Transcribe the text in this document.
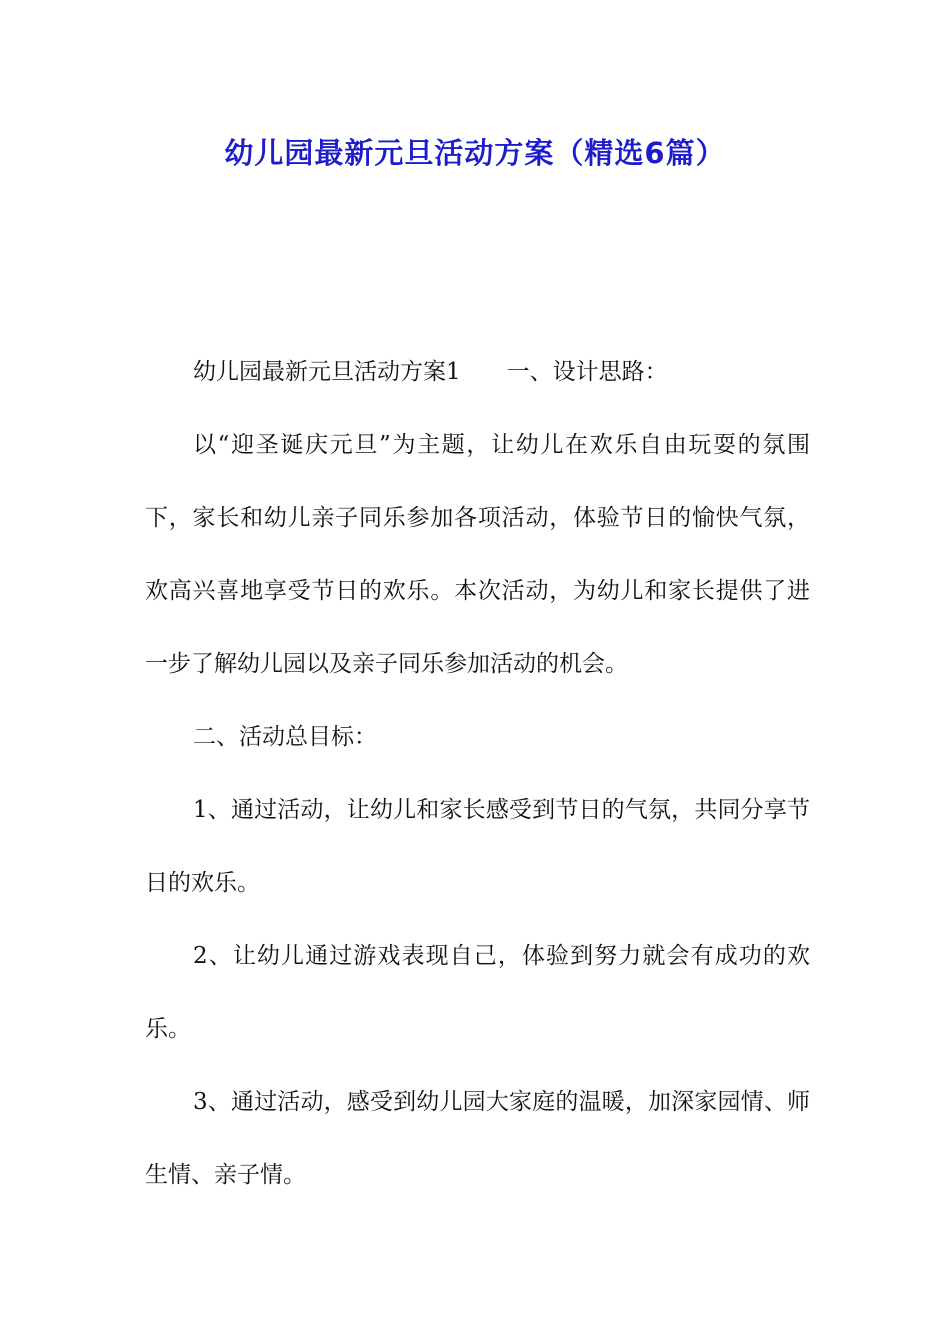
幼儿园最新元旦活动方案（精选6篇）

幼儿园最新元旦活动方案1 一、设计思路：

以“迎圣诞庆元旦”为主题，让幼儿在欢乐自由玩耍的氛围下，家长和幼儿亲子同乐参加各项活动，体验节日的愉快气氛，欢高兴喜地享受节日的欢乐。本次活动，为幼儿和家长提供了进一步了解幼儿园以及亲子同乐参加活动的机会。

二、活动总目标：

1、通过活动，让幼儿和家长感受到节日的气氛，共同分享节日的欢乐。

2、让幼儿通过游戏表现自己，体验到努力就会有成功的欢乐。

3、通过活动，感受到幼儿园大家庭的温暖，加深家园情、师生情、亲子情。
